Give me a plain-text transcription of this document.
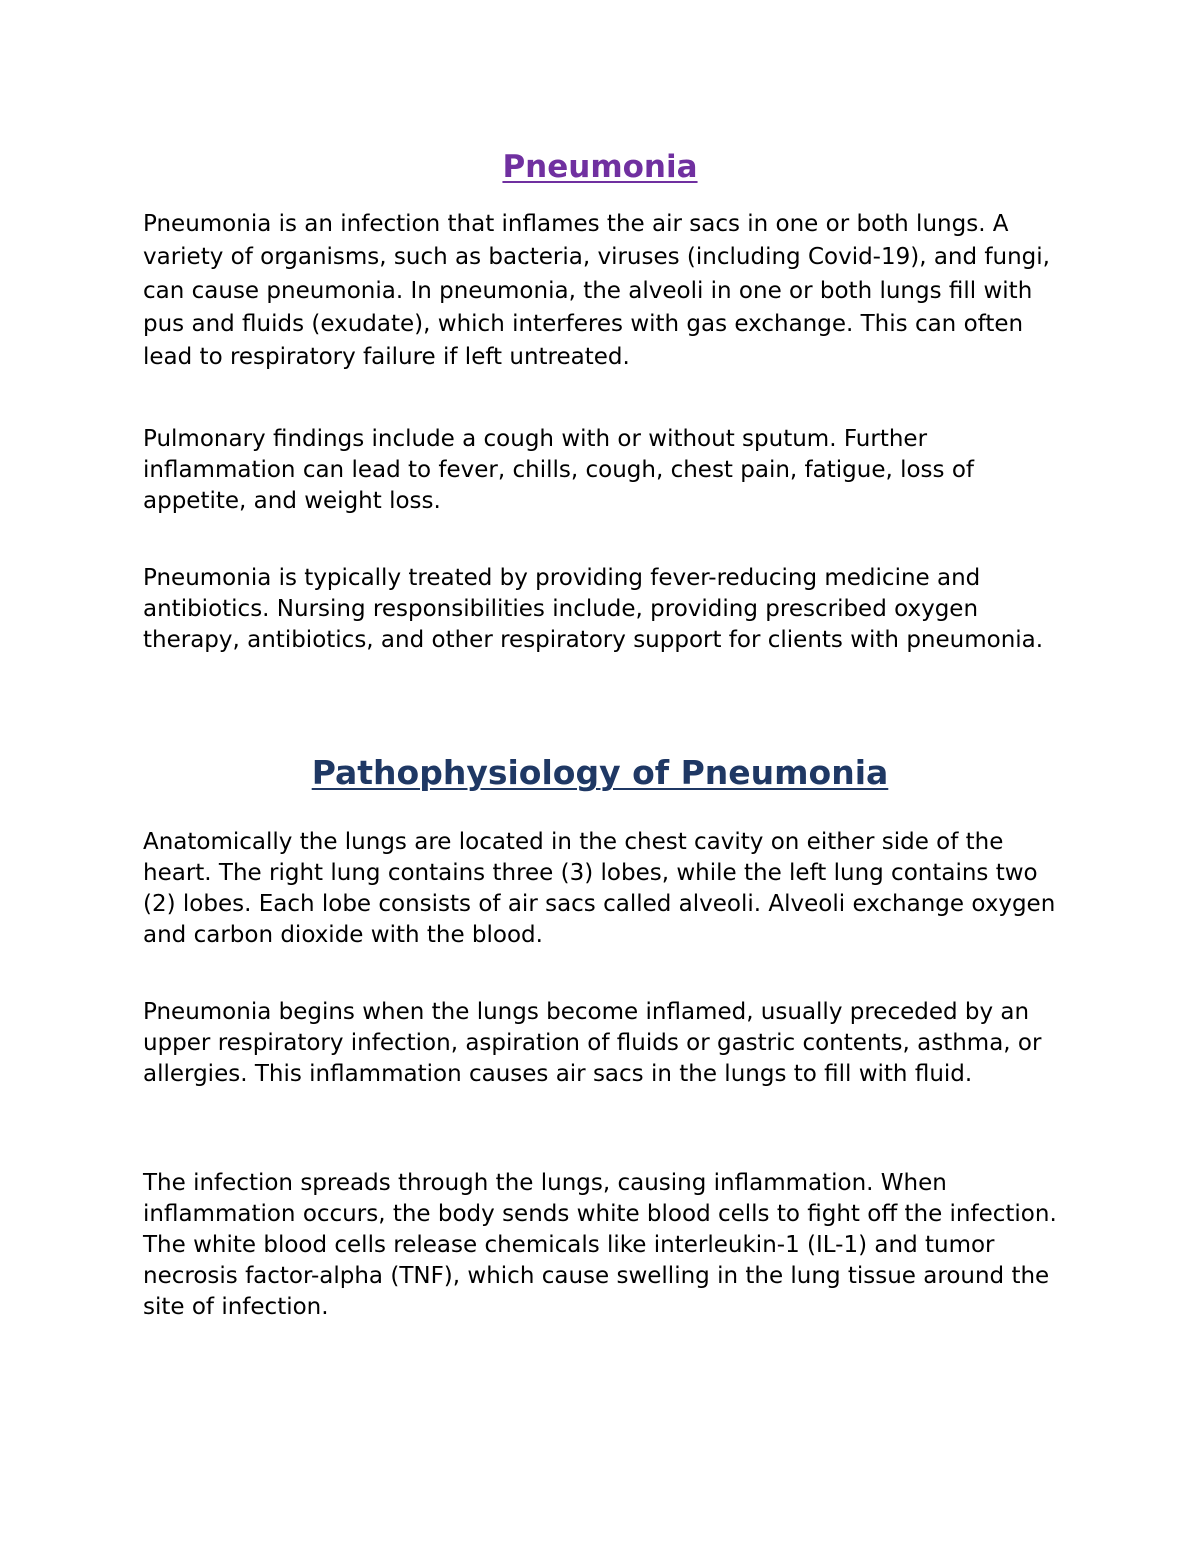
Pneumonia

Pneumonia is an infection that inflames the air sacs in one or both lungs. A variety of organisms, such as bacteria, viruses (including Covid-19), and fungi, can cause pneumonia. In pneumonia, the alveoli in one or both lungs fill with pus and fluids (exudate), which interferes with gas exchange. This can often lead to respiratory failure if left untreated.

Pulmonary findings include a cough with or without sputum. Further inflammation can lead to fever, chills, cough, chest pain, fatigue, loss of appetite, and weight loss.

Pneumonia is typically treated by providing fever-reducing medicine and antibiotics. Nursing responsibilities include, providing prescribed oxygen therapy, antibiotics, and other respiratory support for clients with pneumonia.

Pathophysiology of Pneumonia

Anatomically the lungs are located in the chest cavity on either side of the heart. The right lung contains three (3) lobes, while the left lung contains two (2) lobes. Each lobe consists of air sacs called alveoli. Alveoli exchange oxygen and carbon dioxide with the blood.

Pneumonia begins when the lungs become inflamed, usually preceded by an upper respiratory infection, aspiration of fluids or gastric contents, asthma, or allergies. This inflammation causes air sacs in the lungs to fill with fluid.

The infection spreads through the lungs, causing inflammation. When inflammation occurs, the body sends white blood cells to fight off the infection. The white blood cells release chemicals like interleukin-1 (IL-1) and tumor necrosis factor-alpha (TNF), which cause swelling in the lung tissue around the site of infection.
